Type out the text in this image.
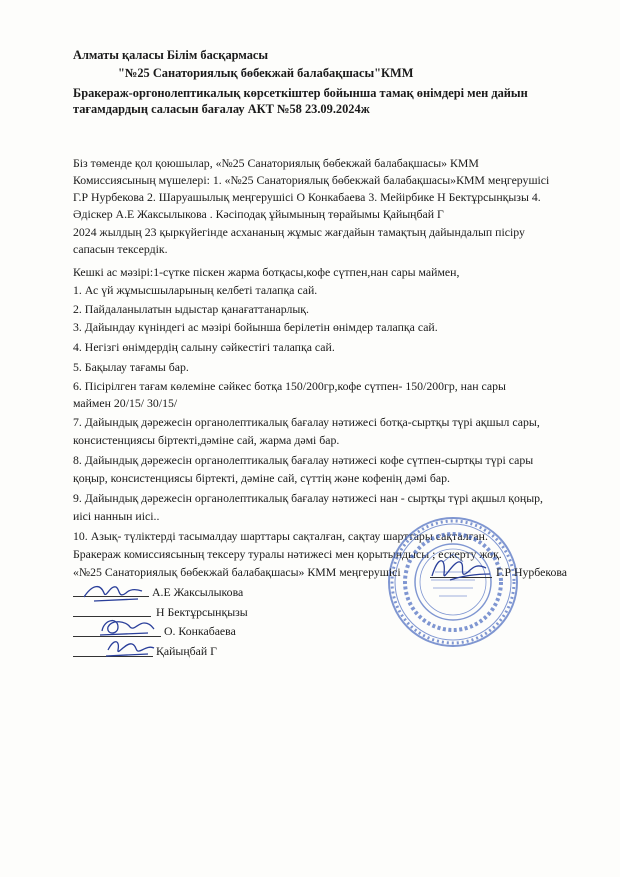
Алматы қаласы Білім басқармасы
"№25 Санаториялық бөбекжай балабақшасы"КММ
Бракераж-оргонолептикалық көрсеткіштер бойынша тамақ өнімдері мен дайын
тағамдардың саласын бағалау АКТ №58 23.09.2024ж
Біз төменде қол қоюшылар, «№25 Санаториялық бөбекжай балабақшасы» КММ
Комиссиясының мүшелері: 1. «№25 Санаториялық бөбекжай балабақшасы»КММ меңгерушісі
Г.Р Нурбекова 2. Шаруашылық меңгерушісі О Конкабаева 3. Мейірбике Н Бектұрсынқызы 4.
Әдіскер А.Е Жаксылыкова . Кәсіподақ ұйымының төрайымы Қайыңбай Г
2024 жылдың 23 қыркүйегінде асхананың жұмыс жағдайын тамақтың дайындалып пісіру
сапасын тексердік.
Кешкі ас мәзірі:1-сүтке піскен жарма ботқасы,кофе сүтпен,нан сары маймен,
1. Ас үй жұмысшыларының келбеті талапқа сай.
2. Пайдаланылатын ыдыстар қанағаттанарлық.
3. Дайындау күніндегі ас мәзірі бойынша берілетін өнімдер талапқа сай.
4. Негізгі өнімдердің салыну сәйкестігі талапқа сай.
5. Бақылау тағамы бар.
6. Пісірілген тағам көлеміне сәйкес ботқа 150/200гр,кофе сүтпен- 150/200гр, нан сары
маймен 20/15/ 30/15/
7. Дайындық дәрежесін органолептикалық бағалау нәтижесі ботқа-сыртқы түрі ақшыл сары,
консистенциясы біртекті,дәміне сай, жарма дәмі бар.
8. Дайындық дәрежесін органолептикалық бағалау нәтижесі кофе сүтпен-сыртқы түрі сары
қоңыр, консистенциясы біртекті, дәміне сай, сүттің және кофенің дәмі бар.
9. Дайындық дәрежесін органолептикалық бағалау нәтижесі нан - сыртқы түрі ақшыл қоңыр,
иісі наннын иісі..
10. Азық- түліктерді тасымалдау шарттары сақталған, сақтау шарттары сақталған.
Бракераж комиссиясының тексеру туралы нәтижесі мен қорытындысы ; ескерту жоқ.
«№25 Санаториялық бөбекжай балабақшасы» КММ меңгерушісі	Г.Р Нурбекова
А.Е Жаксылыкова
Н Бектұрсынқызы
О. Конкабаева
Қайыңбай Г
